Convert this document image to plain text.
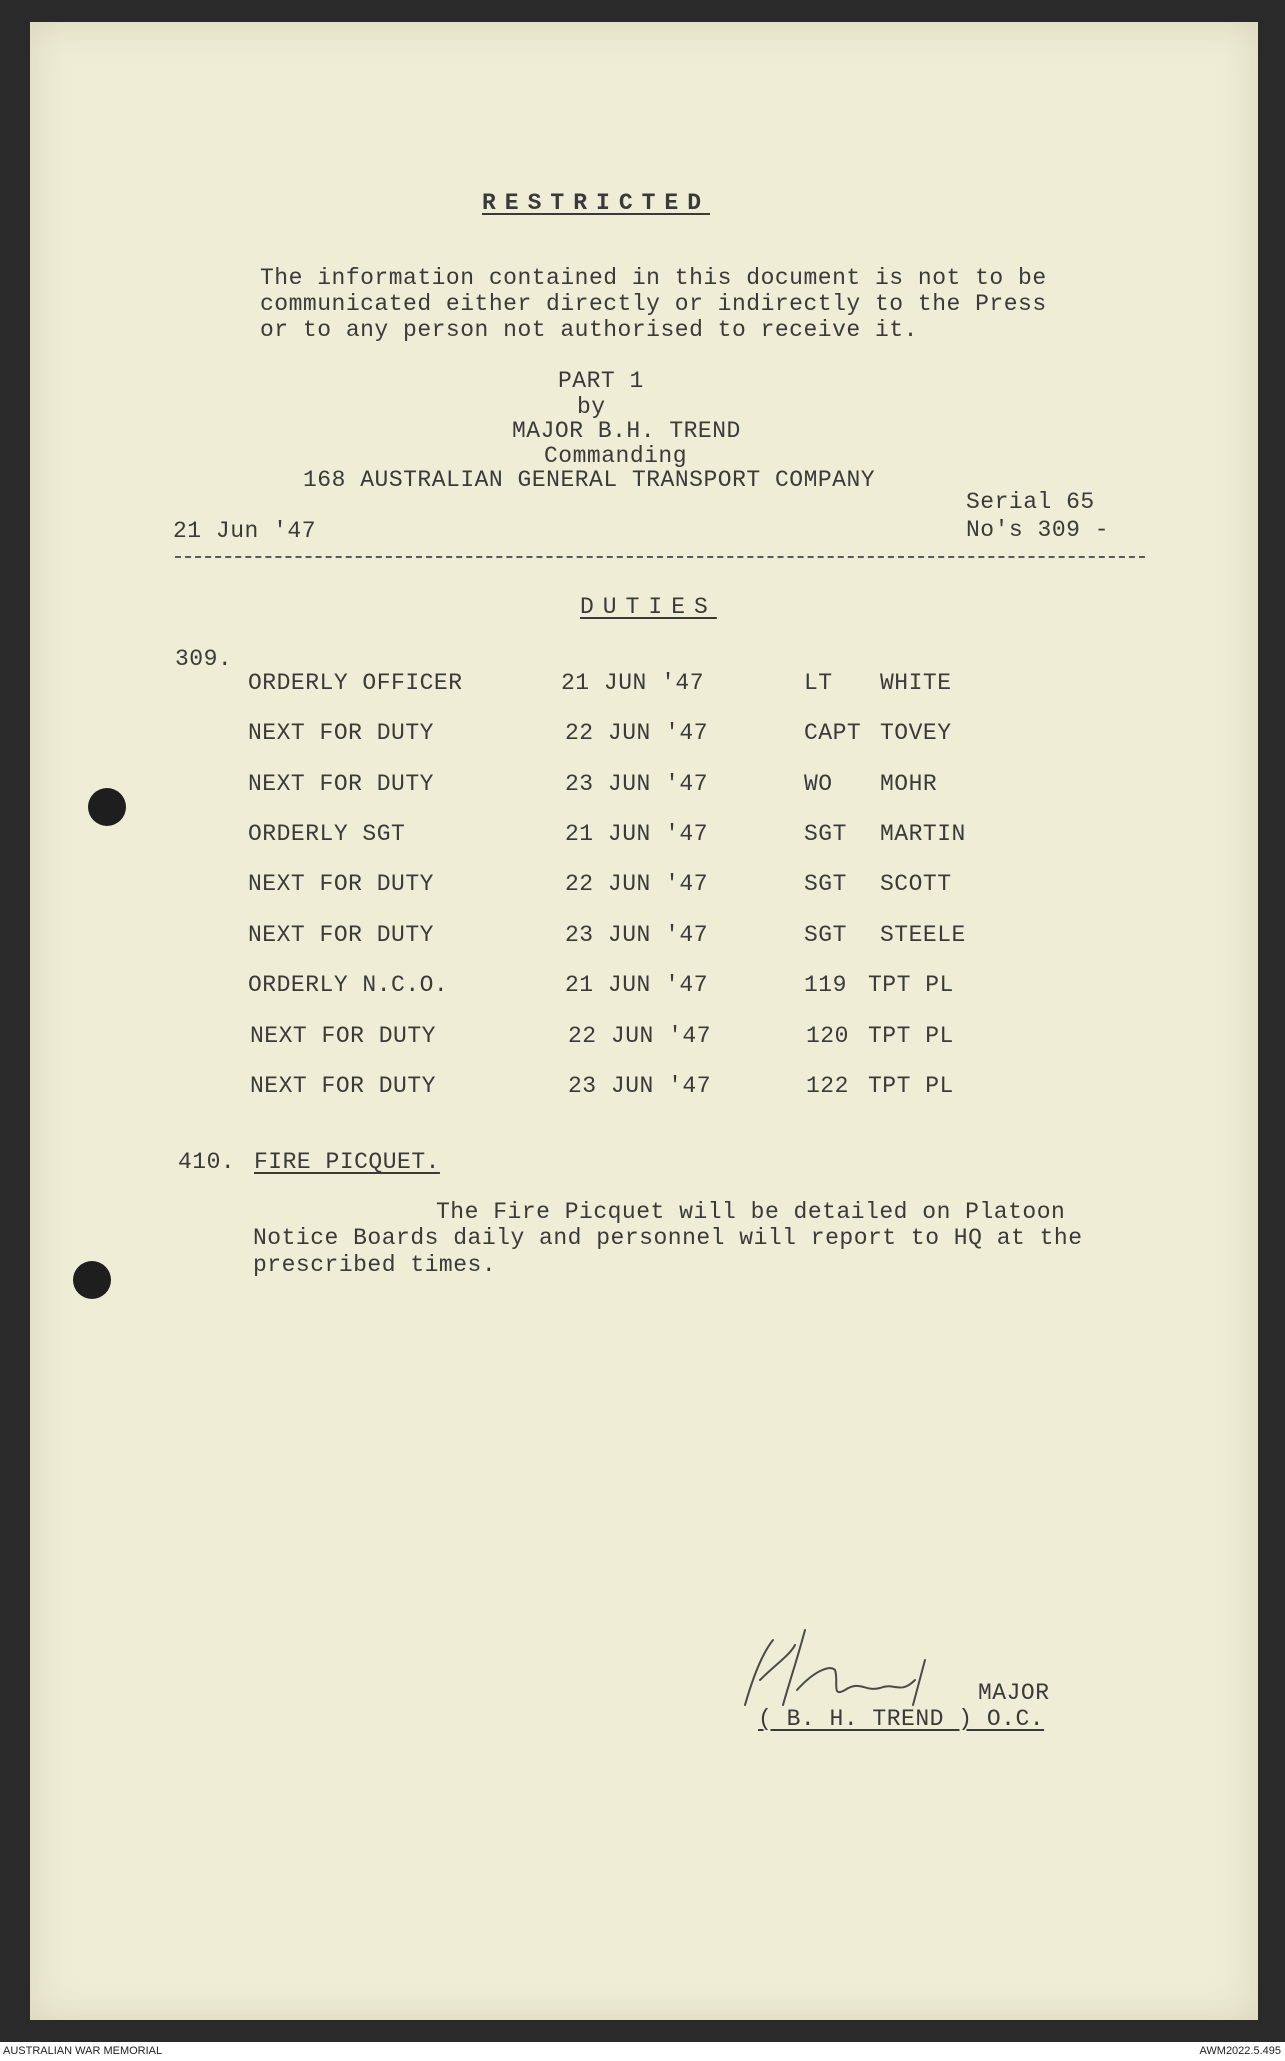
RESTRICTED
The information contained in this document is not to be
communicated either directly or indirectly to the Press
or to any person not authorised to receive it.
PART 1
by
MAJOR B.H. TREND
Commanding
168 AUSTRALIAN GENERAL TRANSPORT COMPANY
21 Jun '47
Serial 65
No's 309 -
DUTIES
309.
ORDERLY OFFICER	21 JUN '47	LT WHITE
NEXT FOR DUTY	22 JUN '47	CAPT TOVEY
NEXT FOR DUTY	23 JUN '47	WO MOHR
ORDERLY SGT	21 JUN '47	SGT MARTIN
NEXT FOR DUTY	22 JUN '47	SGT SCOTT
NEXT FOR DUTY	23 JUN '47	SGT STEELE
ORDERLY N.C.O.	21 JUN '47	119 TPT PL
NEXT FOR DUTY	22 JUN '47	120 TPT PL
NEXT FOR DUTY	23 JUN '47	122 TPT PL
410. FIRE PICQUET.
The Fire Picquet will be detailed on Platoon
Notice Boards daily and personnel will report to HQ at the
prescribed times.
MAJOR
( B. H. TREND ) O.C.
AUSTRALIAN WAR MEMORIAL	AWM2022.5.495
